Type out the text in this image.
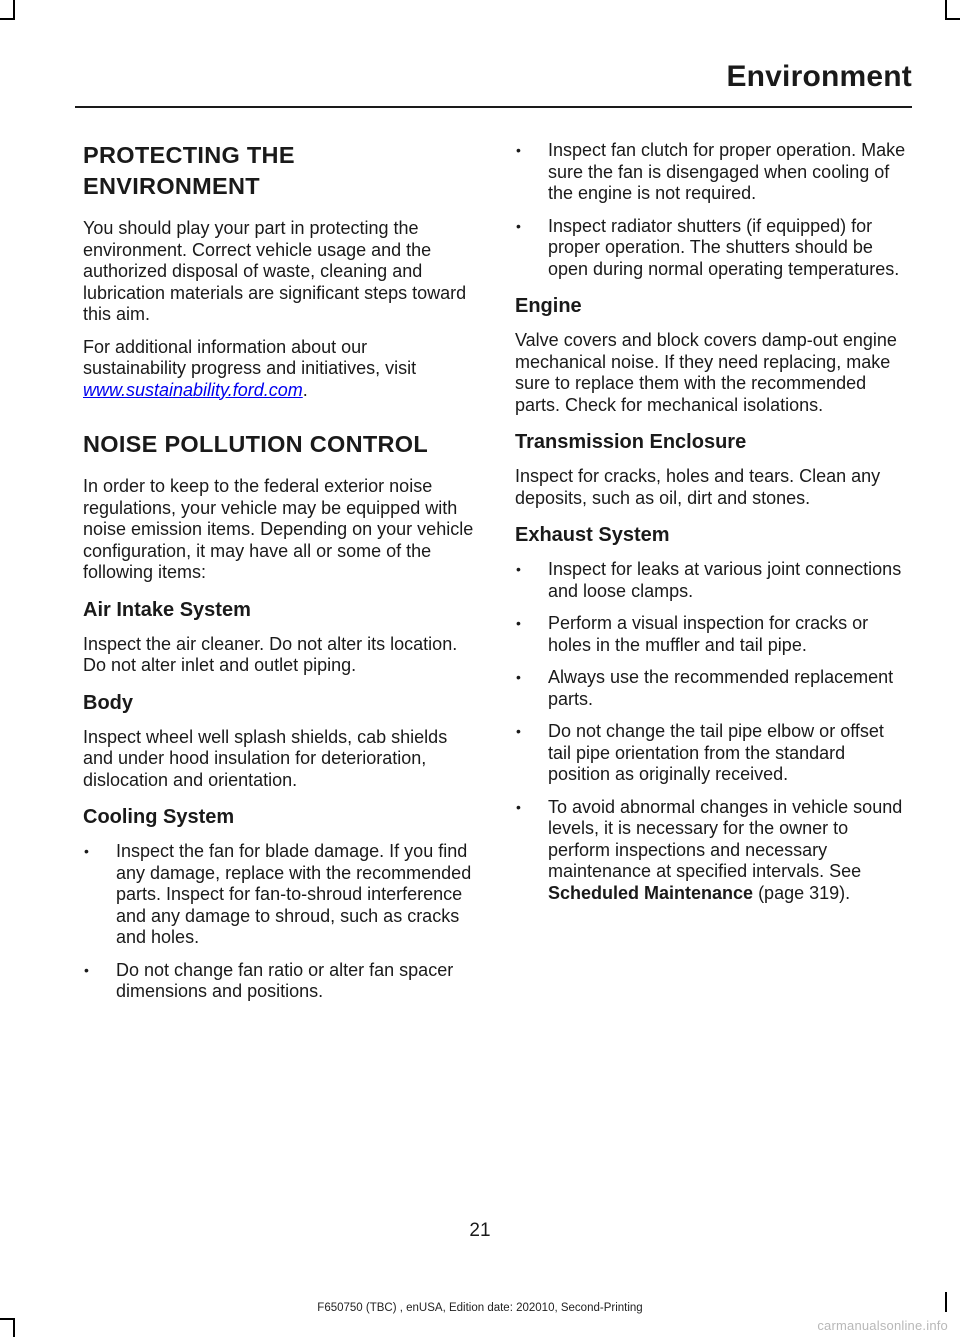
Environment
PROTECTING THE
ENVIRONMENT

You should play your part in protecting the environment. Correct vehicle usage and the authorized disposal of waste, cleaning and lubrication materials are significant steps toward this aim.

For additional information about our sustainability progress and initiatives, visit www.sustainability.ford.com.

NOISE POLLUTION CONTROL

In order to keep to the federal exterior noise regulations, your vehicle may be equipped with noise emission items. Depending on your vehicle configuration, it may have all or some of the following items:

Air Intake System

Inspect the air cleaner. Do not alter its location. Do not alter inlet and outlet piping.

Body

Inspect wheel well splash shields, cab shields and under hood insulation for deterioration, dislocation and orientation.

Cooling System
• Inspect the fan for blade damage. If you find any damage, replace with the recommended parts. Inspect for fan-to-shroud interference and any damage to shroud, such as cracks and holes.
• Do not change fan ratio or alter fan spacer dimensions and positions.
• Inspect fan clutch for proper operation. Make sure the fan is disengaged when cooling of the engine is not required.
• Inspect radiator shutters (if equipped) for proper operation. The shutters should be open during normal operating temperatures.
Engine

Valve covers and block covers damp-out engine mechanical noise. If they need replacing, make sure to replace them with the recommended parts. Check for mechanical isolations.

Transmission Enclosure

Inspect for cracks, holes and tears. Clean any deposits, such as oil, dirt and stones.

Exhaust System
• Inspect for leaks at various joint connections and loose clamps.
• Perform a visual inspection for cracks or holes in the muffler and tail pipe.
• Always use the recommended replacement parts.
• Do not change the tail pipe elbow or offset tail pipe orientation from the standard position as originally received.
• To avoid abnormal changes in vehicle sound levels, it is necessary for the owner to perform inspections and necessary maintenance at specified intervals. See Scheduled Maintenance (page 319).
21
F650750 (TBC) , enUSA, Edition date: 202010, Second-Printing
carmanualsonline.info
